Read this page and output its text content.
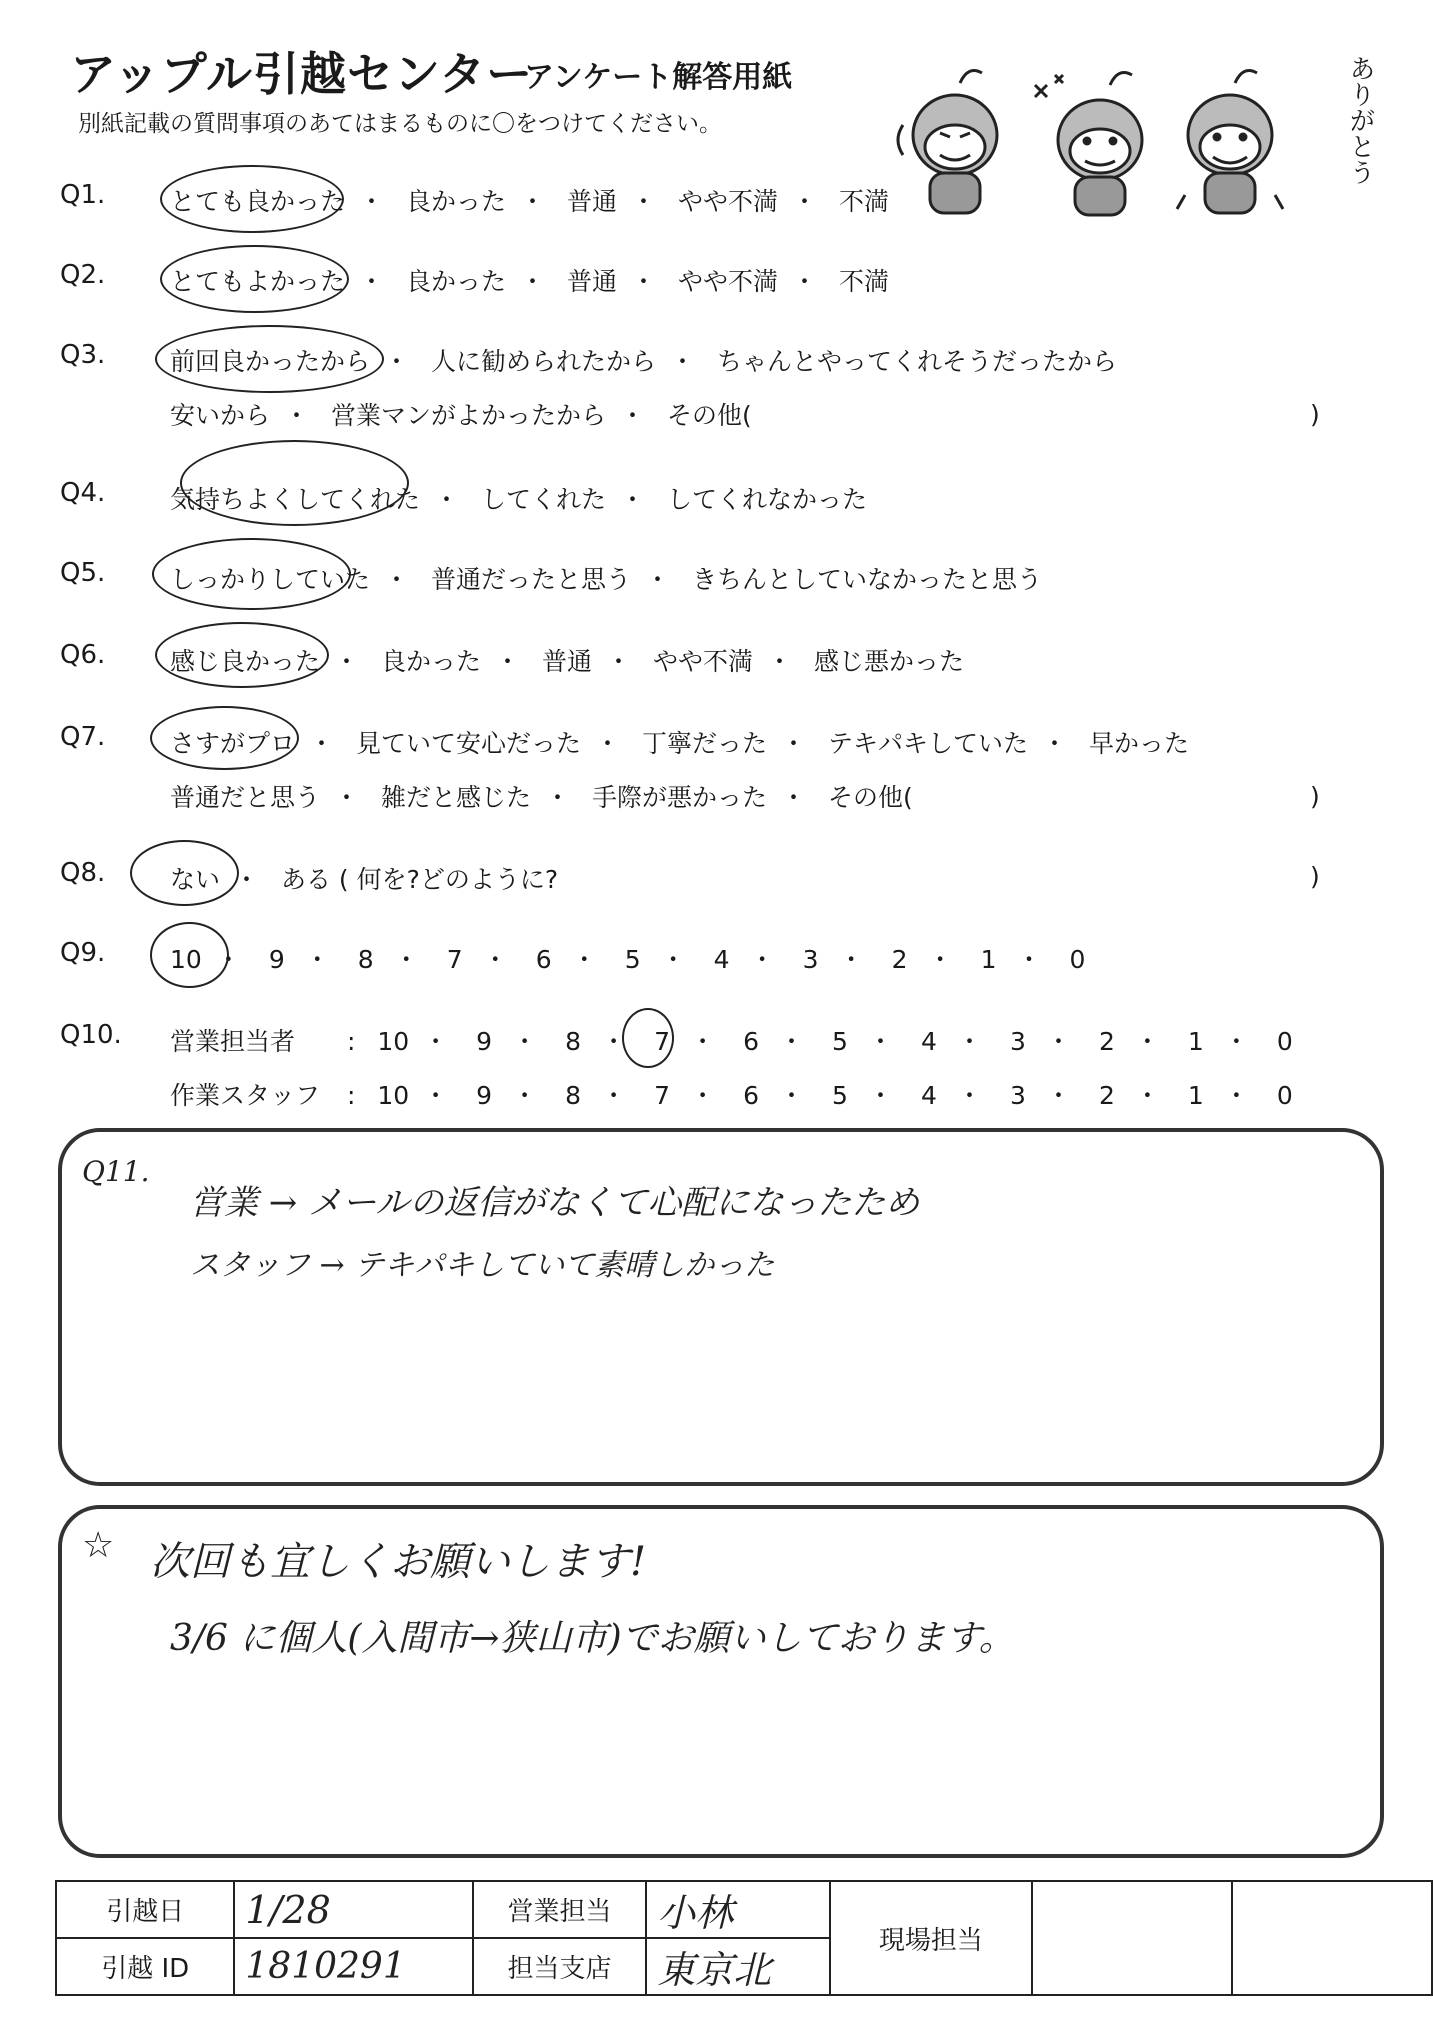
アップル引越センター
アンケート解答用紙
別紙記載の質問事項のあてはまるものに〇をつけてください。	ありがとう
Q1.	とても良かった ・ 良かった ・ 普通 ・ やや不満 ・ 不満
Q2.	とてもよかった ・ 良かった ・ 普通 ・ やや不満 ・ 不満
Q3.	前回良かったから ・ 人に勧められたから ・ ちゃんとやってくれそうだったから
安いから ・ 営業マンがよかったから ・ その他(	)
Q4.	気持ちよくしてくれた ・ してくれた ・ してくれなかった
Q5.	しっかりしていた ・ 普通だったと思う ・ きちんとしていなかったと思う
Q6.	感じ良かった ・ 良かった ・ 普通 ・ やや不満 ・ 感じ悪かった
Q7.	さすがプロ ・ 見ていて安心だった ・ 丁寧だった ・ テキパキしていた ・ 早かった
普通だと思う ・ 雑だと感じた ・ 手際が悪かった ・ その他(	)
Q8.	ない ・ ある ( 何を?どのように?	)
Q9.	10 ・ 9 ・ 8 ・ 7 ・ 6 ・ 5 ・ 4 ・ 3 ・ 2 ・ 1 ・ 0
Q10. 営業担当者 : 10 ・ 9 ・ 8 ・ 7 ・ 6 ・ 5 ・ 4 ・ 3 ・ 2 ・ 1 ・ 0
作業スタッフ : 10 ・ 9 ・ 8 ・ 7 ・ 6 ・ 5 ・ 4 ・ 3 ・ 2 ・ 1 ・ 0
Q11.
営業 → メールの返信がなくて心配になったため
スタッフ → テキパキしていて素晴しかった
☆ 次回も宜しくお願いします!
3/6 に個人(入間市→狭山市)でお願いしております。
引越日	1/28	営業担当	小林	現場担当		
引越 ID	1810291	担当支店	東京北			
